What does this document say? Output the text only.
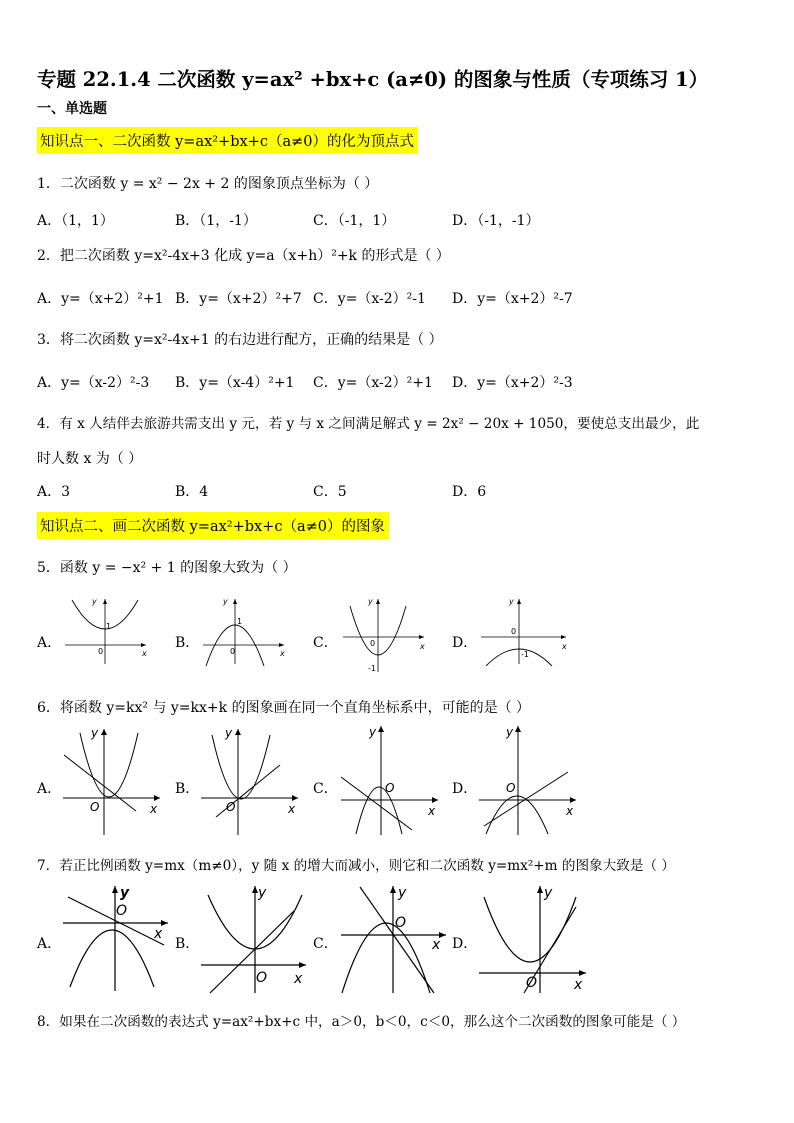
专题 22.1.4 二次函数 y=ax² +bx+c (a≠0) 的图象与性质（专项练习 1）
一、单选题
知识点一、二次函数 y=ax²+bx+c（a≠0）的化为顶点式
1．二次函数 y = x² − 2x + 2 的图象顶点坐标为（ ）
A．（1，1）	B．（1，-1）	C．（-1，1）	D．（-1，-1）
2．把二次函数 y=x²-4x+3 化成 y=a（x+h）²+k 的形式是（ ）
A．y=（x+2）²+1 B．y=（x+2）²+7 C．y=（x-2）²-1 D．y=（x+2）²-7
3．将二次函数 y=x²-4x+1 的右边进行配方，正确的结果是（ ）
A．y=（x-2）²-3 B．y=（x-4）²+1 C．y=（x-2）²+1 D．y=（x+2）²-3
4．有 x 人结伴去旅游共需支出 y 元，若 y 与 x 之间满足解式 y = 2x² − 20x + 1050，要使总支出最少，此
时人数 x 为（ ）
A．3	B．4	C．5	D．6
知识点二、画二次函数 y=ax²+bx+c（a≠0）的图象
5．函数 y = −x² + 1 的图象大致为（ ）
A．	B．	C．	D．
y
x
0
1
y
x
0
1
y
x
0
-1
y
x
0
-1
6．将函数 y=kx² 与 y=kx+k 的图象画在同一个直角坐标系中，可能的是（ ）
A．	B．	C．	D．
y
x
O
y
x
O
y
x
O
y
x
O
7．若正比例函数 y=mx（m≠0），y 随 x 的增大而减小，则它和二次函数 y=mx²+m 的图象大致是（ ）
A．	B．	C．	D．
y
x
O
y
x
O
y
x
O
y
x
O
8．如果在二次函数的表达式 y=ax²+bx+c 中，a＞0，b＜0，c＜0，那么这个二次函数的图象可能是（ ）
